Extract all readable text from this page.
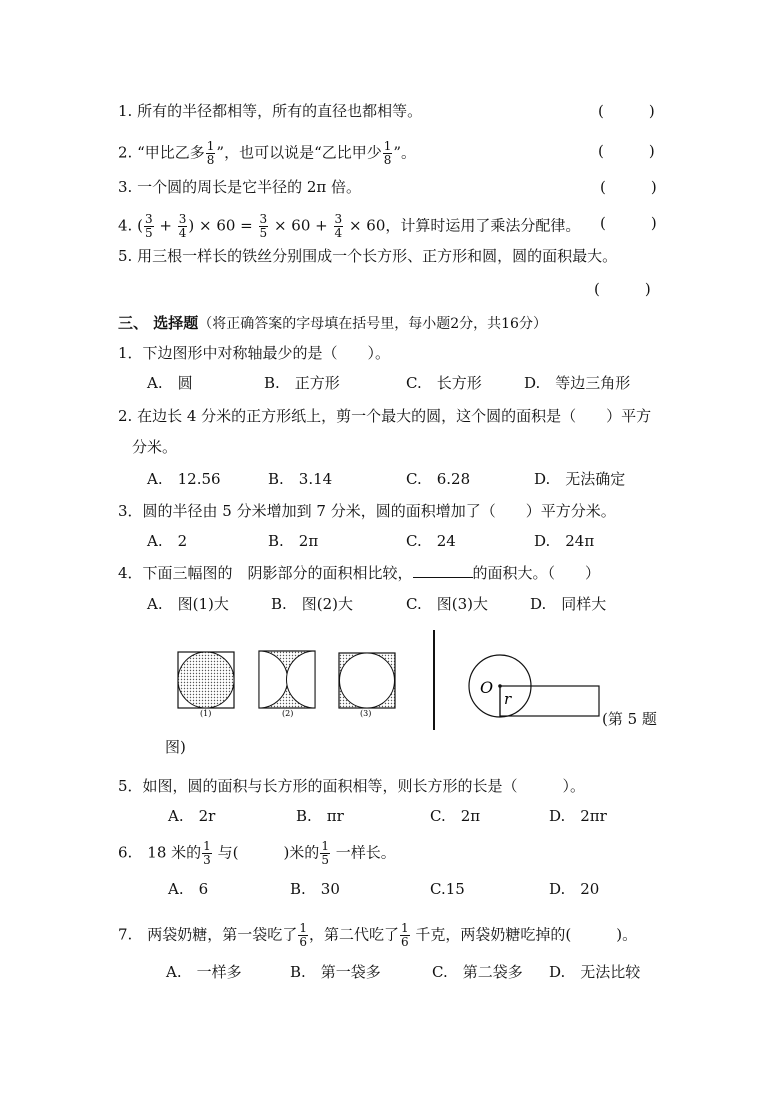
1. 所有的半径都相等，所有的直径也都相等。	(　　　)
2. “甲比乙多 $\frac{1}{8}$ ”，也可以说是“乙比甲少 $\frac{1}{8}$ ”。	(　　　)
3. 一个圆的周长是它半径的 2π 倍。	(　　　)
4. ( $\frac{3}{5} + \frac{3}{4}$ ) × $60 = \frac{3}{5} \times 60 + \frac{3}{4} \times 60$，计算时运用了乘法分配律。 (　　　)
5. 用三根一样长的铁丝分别围成一个长方形、正方形和圆，圆的面积最大。
(　　　)
三、 选择题（将正确答案的字母填在括号里，每小题2分，共16分）
1．下边图形中对称轴最少的是（　　）。
A.　圆	B.　正方形	C.　长方形	D.　等边三角形
2. 在边长 4 分米的正方形纸上，剪一个最大的圆，这个圆的面积是（　　）平方
分米。
A.　12.56	B.　3.14	C.　6.28	D.　无法确定
3．圆的半径由 5 分米增加到 7 分米，圆的面积增加了（　　）平方分米。
A.　2	B.　2π	C.　24	D.　24π
4．下面三幅图的　阴影部分的面积相比较，	的面积大。（　　）
A.　图(1)大	B.　图(2)大	C.　图(3)大	D.　同样大
(1)	(2)	(3)
O
r
(第 5 题
图)
5．如图，圆的面积与长方形的面积相等，则长方形的长是（　　　）。
A.　2r	B.　πr	C.　2π	D.　2πr
6.　18 米的 $\frac{1}{3}$ 与(　　　)米的 $\frac{1}{5}$ 一样长。
A.　6	B.　30	C.15	D.　20
7.　两袋奶糖，第一袋吃了 $\frac{1}{6}$ ，第二代吃了 $\frac{1}{6}$ 千克，两袋奶糖吃掉的(　　　)。
A.　一样多	B.　第一袋多	C.　第二袋多 D.　无法比较
